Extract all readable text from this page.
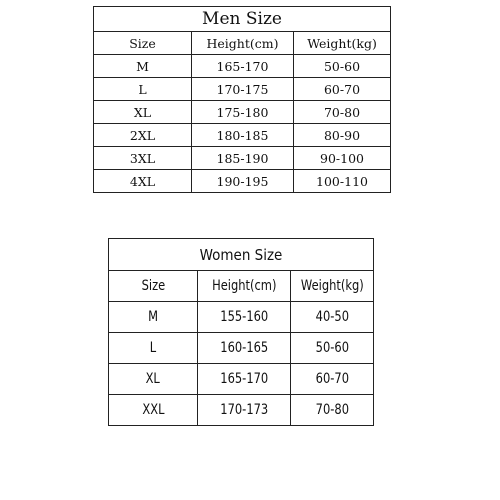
Men Size		
Size	Height(cm)	Weight(kg)
M	165-170	50-60
L	170-175	60-70
XL	175-180	70-80
2XL	180-185	80-90
3XL	185-190	90-100
4XL	190-195	100-110
Women Size		
Size	Height(cm)	Weight(kg)
M	155-160	40-50
L	160-165	50-60
XL	165-170	60-70
XXL	170-173	70-80
